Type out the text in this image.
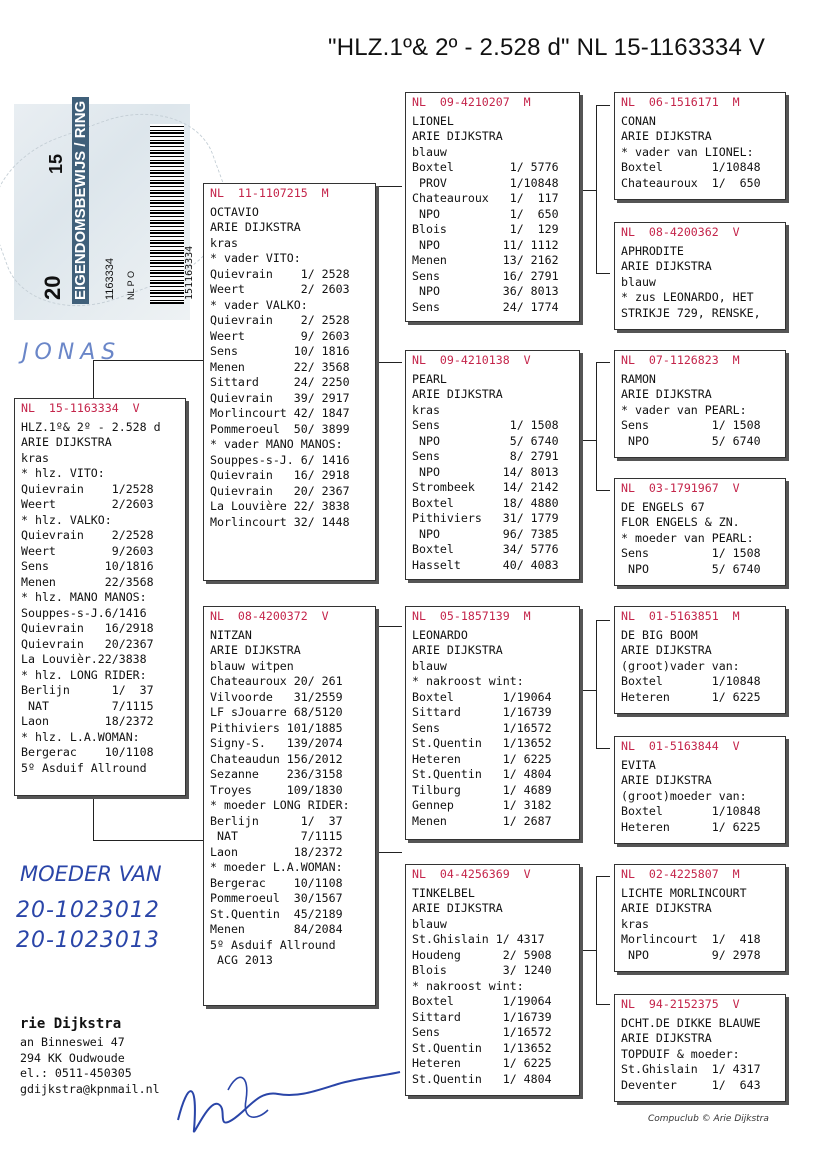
"HLZ.1º& 2º - 2.528 d" NL 15-1163334 V
20 EIGENDOMSBEWIJS / RING 1163334 NL P O	151163334
15
NL  15-1163334  V
HLZ.1º& 2º - 2.528 d
ARIE DIJKSTRA
kras
* hlz. VITO:
Quievrain    1/2528
Weert        2/2603
* hlz. VALKO:
Quievrain    2/2528
Weert        9/2603
Sens        10/1816
Menen       22/3568
* hlz. MANO MANOS:
Souppes-s-J.6/1416
Quievrain   16/2918
Quievrain   20/2367
La Louvièr.22/3838
* hlz. LONG RIDER:
Berlijn      1/  37
NAT         7/1115
Laon        18/2372
* hlz. L.A.WOMAN:
Bergerac    10/1108
5º Asduif Allround
NL  11-1107215  M
OCTAVIO
ARIE DIJKSTRA
kras
* vader VITO:
Quievrain    1/ 2528
Weert        2/ 2603
* vader VALKO:
Quievrain    2/ 2528
Weert        9/ 2603
Sens        10/ 1816
Menen       22/ 3568
Sittard     24/ 2250
Quievrain   39/ 2917
Morlincourt 42/ 1847
Pommeroeul  50/ 3899
* vader MANO MANOS:
Souppes-s-J. 6/ 1416
Quievrain   16/ 2918
Quievrain   20/ 2367
La Louvière 22/ 3838
Morlincourt 32/ 1448
NL  08-4200372  V
NITZAN
ARIE DIJKSTRA
blauw witpen
Chateauroux 20/ 261
Vilvoorde   31/2559
LF sJouarre 68/5120
Pithiviers 101/1885
Signy-S.   139/2074
Chateaudun 156/2012
Sezanne    236/3158
Troyes     109/1830
* moeder LONG RIDER:
Berlijn      1/  37
NAT         7/1115
Laon        18/2372
* moeder L.A.WOMAN:
Bergerac    10/1108
Pommeroeul  30/1567
St.Quentin  45/2189
Menen       84/2084
5º Asduif Allround
ACG 2013
NL  09-4210207  M
LIONEL
ARIE DIJKSTRA
blauw
Boxtel        1/ 5776
PROV         1/10848
Chateauroux   1/  117
NPO          1/  650
Blois         1/  129
NPO         11/ 1112
Menen        13/ 2162
Sens         16/ 2791
NPO         36/ 8013
Sens         24/ 1774
NL  09-4210138  V
PEARL
ARIE DIJKSTRA
kras
Sens          1/ 1508
NPO          5/ 6740
Sens          8/ 2791
NPO         14/ 8013
Strombeek    14/ 2142
Boxtel       18/ 4880
Pithiviers   31/ 1779
NPO         96/ 7385
Boxtel       34/ 5776
Hasselt      40/ 4083
NL  05-1857139  M
LEONARDO
ARIE DIJKSTRA
blauw
* nakroost wint:
Boxtel       1/19064
Sittard      1/16739
Sens         1/16572
St.Quentin   1/13652
Heteren      1/ 6225
St.Quentin   1/ 4804
Tilburg      1/ 4689
Gennep       1/ 3182
Menen        1/ 2687
NL  04-4256369  V
TINKELBEL
ARIE DIJKSTRA
blauw
St.Ghislain 1/ 4317
Houdeng      2/ 5908
Blois        3/ 1240
* nakroost wint:
Boxtel       1/19064
Sittard      1/16739
Sens         1/16572
St.Quentin   1/13652
Heteren      1/ 6225
St.Quentin   1/ 4804
NL  06-1516171  M
CONAN
ARIE DIJKSTRA
* vader van LIONEL:
Boxtel       1/10848
Chateauroux  1/  650
NL  08-4200362  V
APHRODITE
ARIE DIJKSTRA
blauw
* zus LEONARDO, HET
STRIKJE 729, RENSKE,
NL  07-1126823  M
RAMON
ARIE DIJKSTRA
* vader van PEARL:
Sens         1/ 1508
NPO         5/ 6740
NL  03-1791967  V
DE ENGELS 67
FLOR ENGELS & ZN.
* moeder van PEARL:
Sens         1/ 1508
NPO         5/ 6740
NL  01-5163851  M
DE BIG BOOM
ARIE DIJKSTRA
(groot)vader van:
Boxtel       1/10848
Heteren      1/ 6225
NL  01-5163844  V
EVITA
ARIE DIJKSTRA
(groot)moeder van:
Boxtel       1/10848
Heteren      1/ 6225
NL  02-4225807  M
LICHTE MORLINCOURT
ARIE DIJKSTRA
kras
Morlincourt  1/  418
NPO         9/ 2978
NL  94-2152375  V
DCHT.DE DIKKE BLAUWE
ARIE DIJKSTRA
TOPDUIF & moeder:
St.Ghislain  1/ 4317
Deventer     1/  643
JONAS
MOEDER VAN
20-1023012
20-1023013
rie Dijkstra
an Binneswei 47
294 KK Oudwoude
el.: 0511-450305
gdijkstra@kpnmail.nl
Compuclub © Arie Dijkstra
